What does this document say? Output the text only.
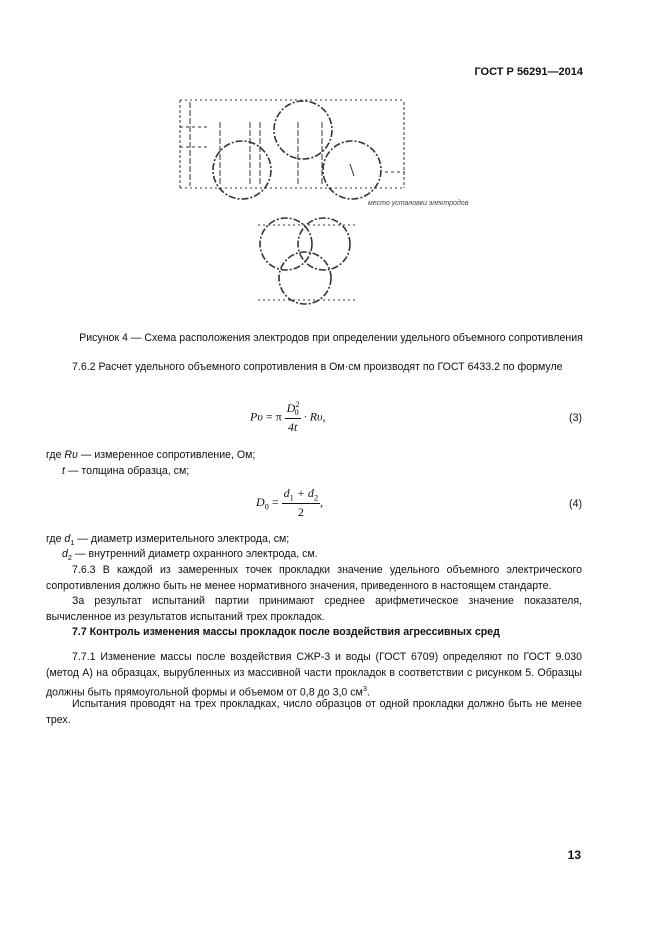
ГОСТ Р 56291—2014
место установки электродов
Рисунок 4 — Схема расположения электродов при определении удельного объемного сопротивления
7.6.2 Расчет удельного объемного сопротивления в Ом·см производят по ГОСТ 6433.2 по формуле
Pυ = π $\frac{D^2_0}{4t} \cdot R\upsilon$,	(3)
где Rυ — измеренное сопротивление, Ом;
t — толщина образца, см;
$D_0 = \frac{d_1 + d_2}{2}$ ,	(4)
где $d_1$ — диаметр измерительного электрода, см;
$d_2$ — внутренний диаметр охранного электрода, см.
7.6.3 В каждой из замеренных точек прокладки значение удельного объемного электрического сопротивления должно быть не менее нормативного значения, приведенного в настоящем стандарте.
За результат испытаний партии принимают среднее арифметическое значение показателя, вычисленное из результатов испытаний трех прокладок.
7.7 Контроль изменения массы прокладок после воздействия агрессивных сред
7.7.1 Изменение массы после воздействия СЖР-3 и воды (ГОСТ 6709) определяют по ГОСТ 9.030 (метод А) на образцах, вырубленных из массивной части прокладок в соответствии с рисунком 5. Образцы должны быть прямоугольной формы и объемом от 0,8 до 3,0 $см^3$.
Испытания проводят на трех прокладках, число образцов от одной прокладки должно быть не менее трех.
13
